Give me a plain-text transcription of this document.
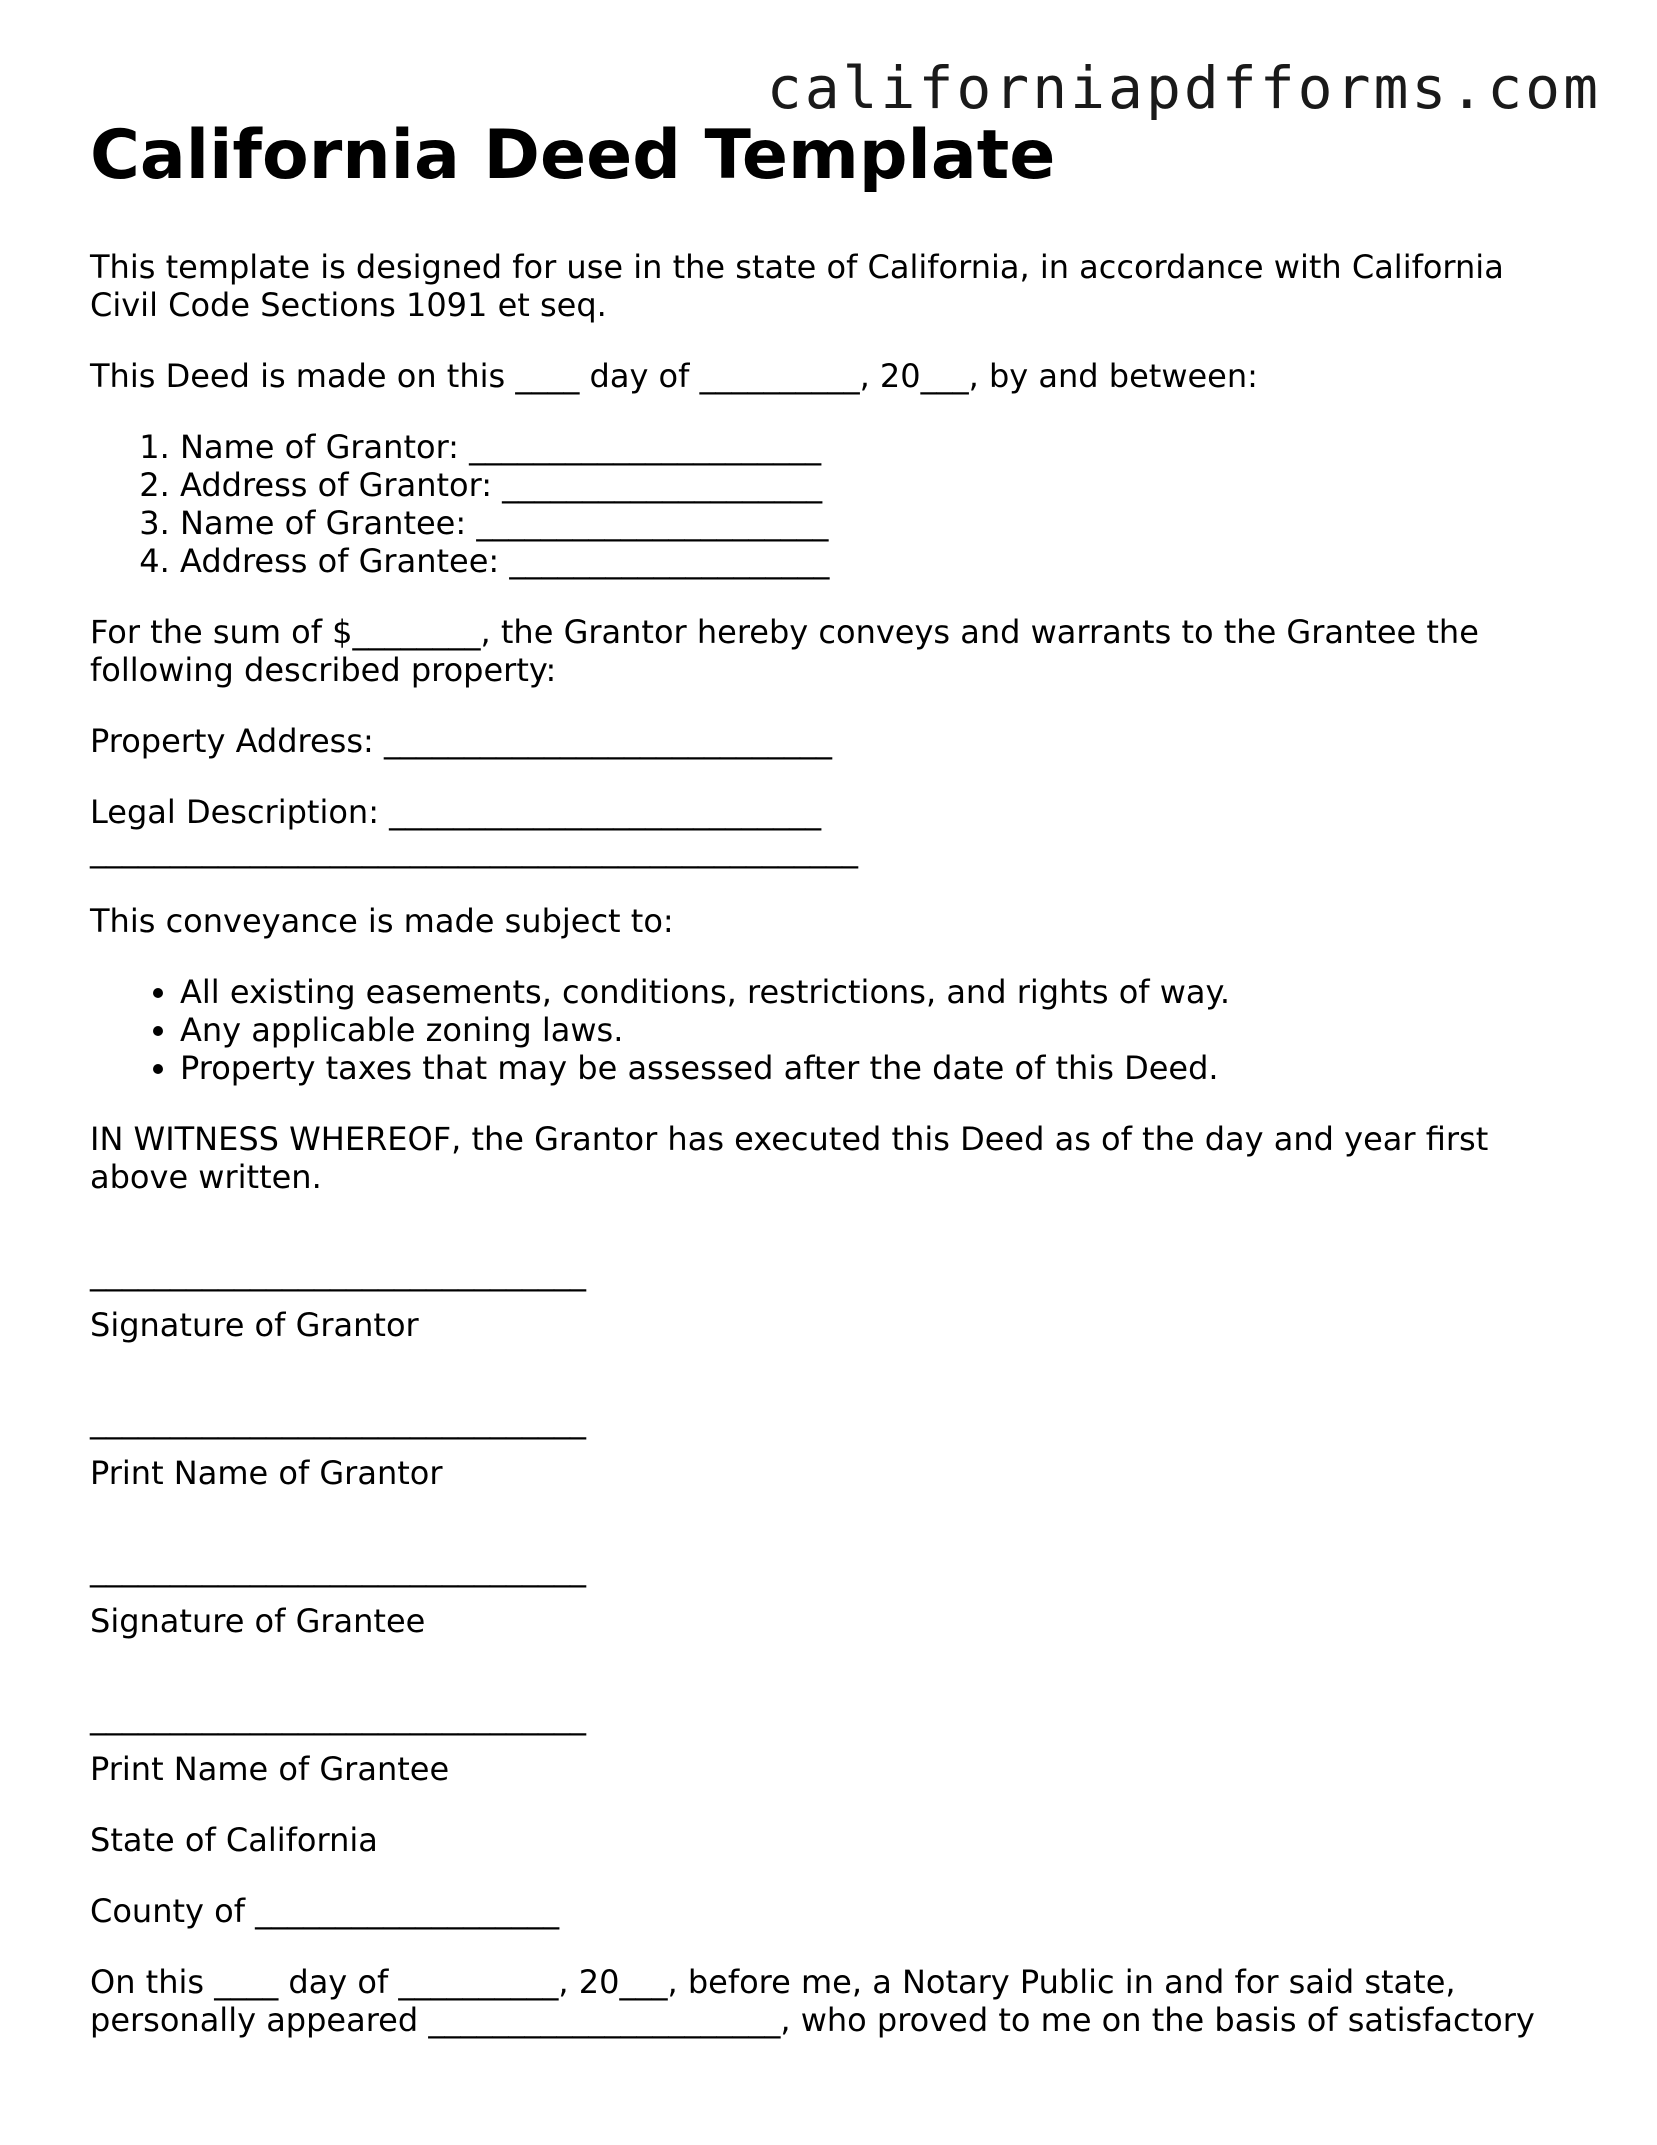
californiapdfforms.com
California Deed Template

This template is designed for use in the state of California, in accordance with California Civil Code Sections 1091 et seq.

This Deed is made on this ____ day of __________, 20___, by and between:

1. Name of Grantor: ______________________
2. Address of Grantor: ____________________
3. Name of Grantee: ______________________
4. Address of Grantee: ____________________

For the sum of $________, the Grantor hereby conveys and warrants to the Grantee the following described property:

Property Address: ____________________________

Legal Description: ___________________________

________________________________________________

This conveyance is made subject to:

• All existing easements, conditions, restrictions, and rights of way.
• Any applicable zoning laws.
• Property taxes that may be assessed after the date of this Deed.

IN WITNESS WHEREOF, the Grantor has executed this Deed as of the day and year first above written.

_______________________________
Signature of Grantor
_______________________________
Print Name of Grantor
_______________________________
Signature of Grantee
_______________________________
Print Name of Grantee

State of California

County of ___________________

On this ____ day of __________, 20___, before me, a Notary Public in and for said state, personally appeared ______________________, who proved to me on the basis of satisfactory
